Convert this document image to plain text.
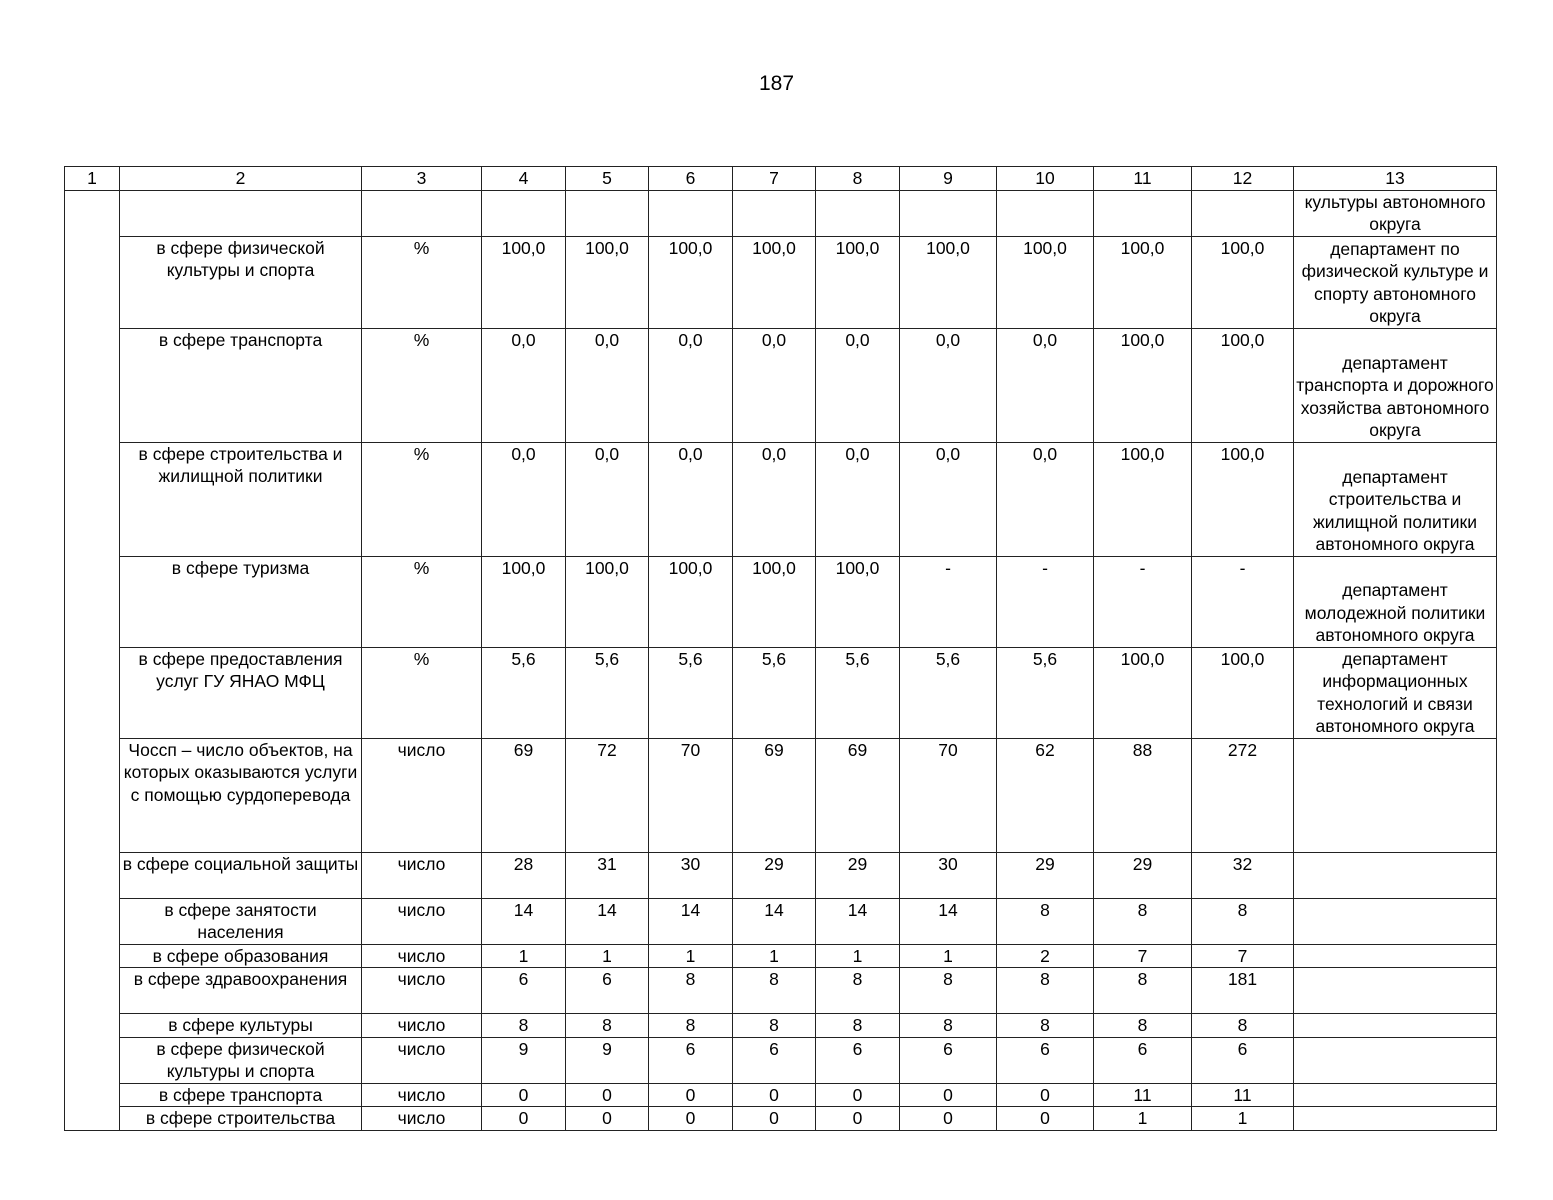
187
1	2	3	4	5	6	7	8	9	10	11	12	13
												культуры автономного округа
	в сфере физической культуры и спорта	%	100,0	100,0	100,0	100,0	100,0	100,0	100,0	100,0	100,0	департамент по физической культуре и спорту автономного округа
	в сфере транспорта	%	0,0	0,0	0,0	0,0	0,0	0,0	0,0	100,0	100,0	департамент транспорта и дорожного хозяйства автономного округа
	в сфере строительства и жилищной политики	%	0,0	0,0	0,0	0,0	0,0	0,0	0,0	100,0	100,0	департамент строительства и жилищной политики автономного округа
	в сфере туризма	%	100,0	100,0	100,0	100,0	100,0	-	-	-	-	департамент молодежной политики автономного округа
	в сфере предоставления услуг ГУ ЯНАО МФЦ	%	5,6	5,6	5,6	5,6	5,6	5,6	5,6	100,0	100,0	департамент информационных технологий и связи автономного округа
	Чоссп – число объектов, на которых оказываются услуги с помощью сурдоперевода	число	69	72	70	69	69	70	62	88	272	
	в сфере социальной защиты	число	28	31	30	29	29	30	29	29	32	
	в сфере занятости населения	число	14	14	14	14	14	14	8	8	8	
	в сфере образования	число	1	1	1	1	1	1	2	7	7	
	в сфере здравоохранения	число	6	6	8	8	8	8	8	8	181	
	в сфере культуры	число	8	8	8	8	8	8	8	8	8	
	в сфере физической культуры и спорта	число	9	9	6	6	6	6	6	6	6	
	в сфере транспорта	число	0	0	0	0	0	0	0	11	11	
	в сфере строительства	число	0	0	0	0	0	0	0	1	1	
